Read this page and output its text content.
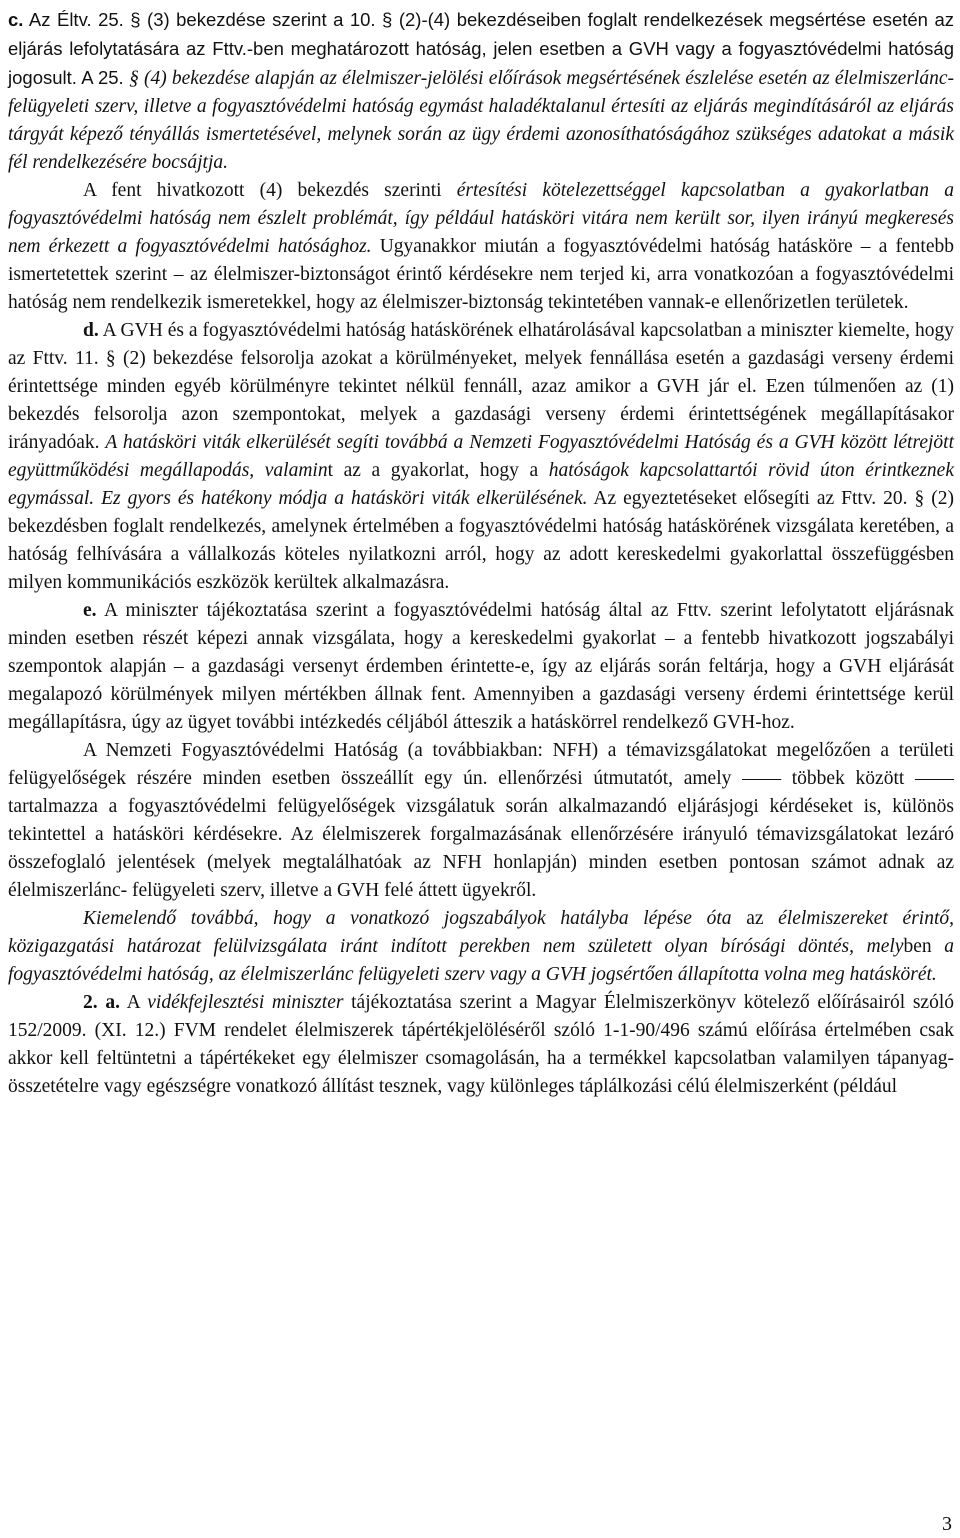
c. Az Éltv. 25. § (3) bekezdése szerint a 10. § (2)-(4) bekezdéseiben foglalt rendelkezések megsértése esetén az eljárás lefolytatására az Fttv.-ben meghatározott hatóság, jelen esetben a GVH vagy a fogyasztóvédelmi hatóság jogosult. A 25. § (4) bekezdése alapján az élelmiszer-jelölési előírások megsértésének észlelése esetén az élelmiszerlánc-felügyeleti szerv, illetve a fogyasztóvédelmi hatóság egymást haladéktalanul értesíti az eljárás megindításáról az eljárás tárgyát képező tényállás ismertetésével, melynek során az ügy érdemi azonosíthatóságához szükséges adatokat a másik fél rendelkezésére bocsájtja.

A fent hivatkozott (4) bekezdés szerinti értesítési kötelezettséggel kapcsolatban a gyakorlatban a fogyasztóvédelmi hatóság nem észlelt problémát, így például hatásköri vitára nem került sor, ilyen irányú megkeresés nem érkezett a fogyasztóvédelmi hatósághoz. Ugyanakkor miután a fogyasztóvédelmi hatóság hatásköre – a fentebb ismertetettek szerint – az élelmiszer-biztonságot érintő kérdésekre nem terjed ki, arra vonatkozóan a fogyasztóvédelmi hatóság nem rendelkezik ismeretekkel, hogy az élelmiszer-biztonság tekintetében vannak-e ellenőrizetlen területek.

d. A GVH és a fogyasztóvédelmi hatóság hatáskörének elhatárolásával kapcsolatban a miniszter kiemelte, hogy az Fttv. 11. § (2) bekezdése felsorolja azokat a körülményeket, melyek fennállása esetén a gazdasági verseny érdemi érintettsége minden egyéb körülményre tekintet nélkül fennáll, azaz amikor a GVH jár el. Ezen túlmenően az (1) bekezdés felsorolja azon szempontokat, melyek a gazdasági verseny érdemi érintettségének megállapításakor irányadóak. A hatásköri viták elkerülését segíti továbbá a Nemzeti Fogyasztóvédelmi Hatóság és a GVH között létrejött együttműködési megállapodás, valamint az a gyakorlat, hogy a hatóságok kapcsolattartói rövid úton érintkeznek egymással. Ez gyors és hatékony módja a hatásköri viták elkerülésének. Az egyeztetéseket elősegíti az Fttv. 20. § (2) bekezdésben foglalt rendelkezés, amelynek értelmében a fogyasztóvédelmi hatóság hatáskörének vizsgálata keretében, a hatóság felhívására a vállalkozás köteles nyilatkozni arról, hogy az adott kereskedelmi gyakorlattal összefüggésben milyen kommunikációs eszközök kerültek alkalmazásra.

e. A miniszter tájékoztatása szerint a fogyasztóvédelmi hatóság által az Fttv. szerint lefolytatott eljárásnak minden esetben részét képezi annak vizsgálata, hogy a kereskedelmi gyakorlat – a fentebb hivatkozott jogszabályi szempontok alapján – a gazdasági versenyt érdemben érintette-e, így az eljárás során feltárja, hogy a GVH eljárását megalapozó körülmények milyen mértékben állnak fent. Amennyiben a gazdasági verseny érdemi érintettsége kerül megállapításra, úgy az ügyet további intézkedés céljából átteszik a hatáskörrel rendelkező GVH-hoz.

A Nemzeti Fogyasztóvédelmi Hatóság (a továbbiakban: NFH) a témavizsgálatokat megelőzően a területi felügyelőségek részére minden esetben összeállít egy ún. ellenőrzési útmutatót, amely —— többek között —— tartalmazza a fogyasztóvédelmi felügyelőségek vizsgálatuk során alkalmazandó eljárásjogi kérdéseket is, különös tekintettel a hatásköri kérdésekre. Az élelmiszerek forgalmazásának ellenőrzésére irányuló témavizsgálatokat lezáró összefoglaló jelentések (melyek megtalálhatóak az NFH honlapján) minden esetben pontosan számot adnak az élelmiszerlánc- felügyeleti szerv, illetve a GVH felé áttett ügyekről.

Kiemelendő továbbá, hogy a vonatkozó jogszabályok hatályba lépése óta az élelmiszereket érintő, közigazgatási határozat felülvizsgálata iránt indított perekben nem született olyan bírósági döntés, melyben a fogyasztóvédelmi hatóság, az élelmiszerlánc felügyeleti szerv vagy a GVH jogsértően állapította volna meg hatáskörét.

2. a. A vidékfejlesztési miniszter tájékoztatása szerint a Magyar Élelmiszerkönyv kötelező előírásairól szóló 152/2009. (XI. 12.) FVM rendelet élelmiszerek tápértékjelöléséről szóló 1-1-90/496 számú előírása értelmében csak akkor kell feltüntetni a tápértékeket egy élelmiszer csomagolásán, ha a termékkel kapcsolatban valamilyen tápanyag-összetételre vagy egészségre vonatkozó állítást tesznek, vagy különleges táplálkozási célú élelmiszerként (például

3
